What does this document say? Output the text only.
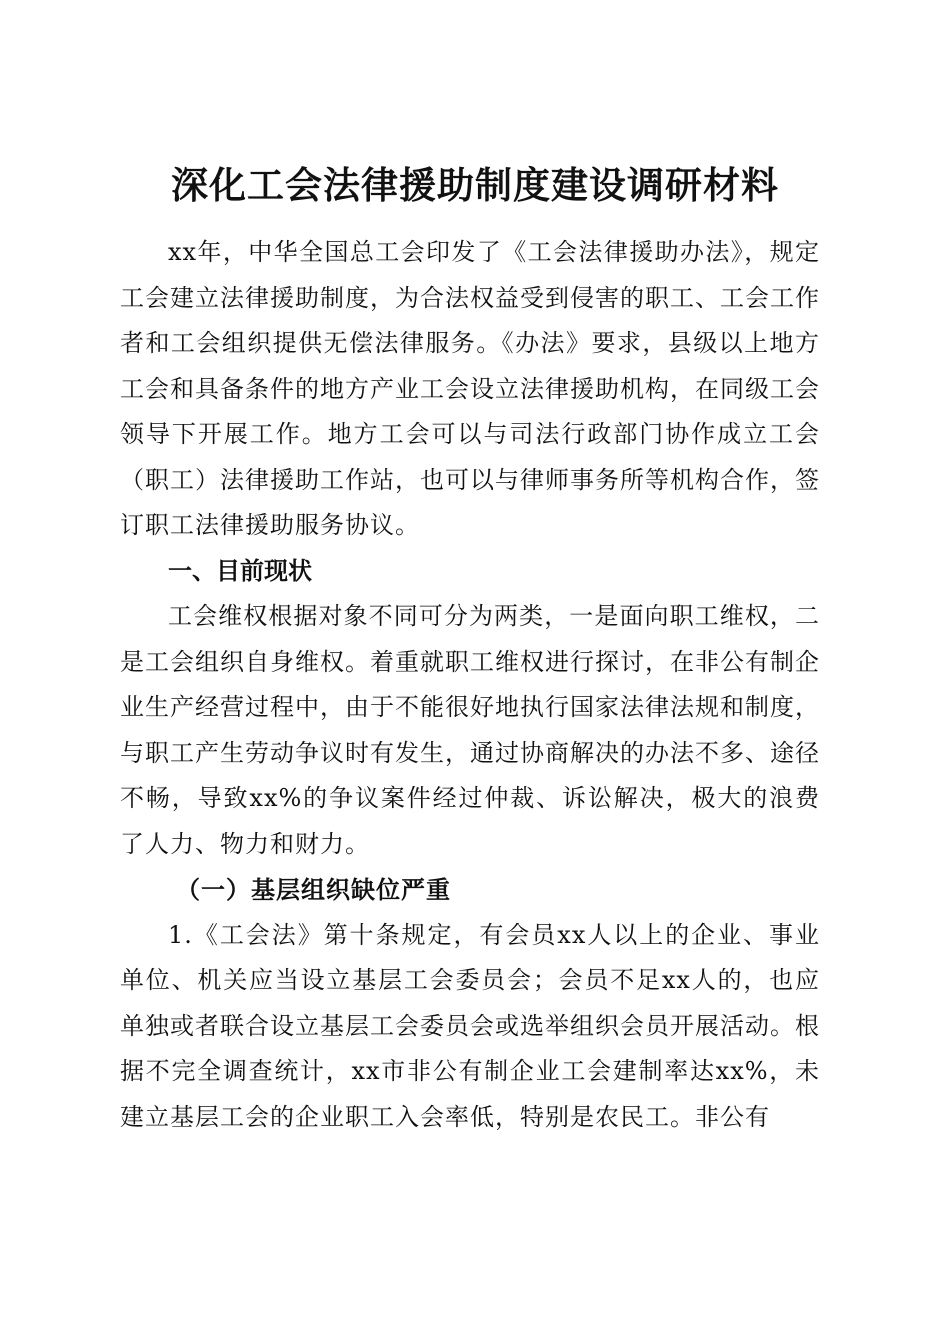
深化工会法律援助制度建设调研材料

xx年，中华全国总工会印发了《工会法律援助办法》，规定工会建立法律援助制度，为合法权益受到侵害的职工、工会工作者和工会组织提供无偿法律服务。《办法》要求，县级以上地方工会和具备条件的地方产业工会设立法律援助机构，在同级工会领导下开展工作。地方工会可以与司法行政部门协作成立工会（职工）法律援助工作站，也可以与律师事务所等机构合作，签订职工法律援助服务协议。

一、目前现状

工会维权根据对象不同可分为两类，一是面向职工维权，二是工会组织自身维权。着重就职工维权进行探讨，在非公有制企业生产经营过程中，由于不能很好地执行国家法律法规和制度，与职工产生劳动争议时有发生，通过协商解决的办法不多、途径不畅，导致xx%的争议案件经过仲裁、诉讼解决，极大的浪费了人力、物力和财力。

（一）基层组织缺位严重

1.《工会法》第十条规定，有会员xx人以上的企业、事业单位、机关应当设立基层工会委员会；会员不足xx人的，也应单独或者联合设立基层工会委员会或选举组织会员开展活动。根据不完全调查统计，xx市非公有制企业工会建制率达xx%，未建立基层工会的企业职工入会率低，特别是农民工。非公有
